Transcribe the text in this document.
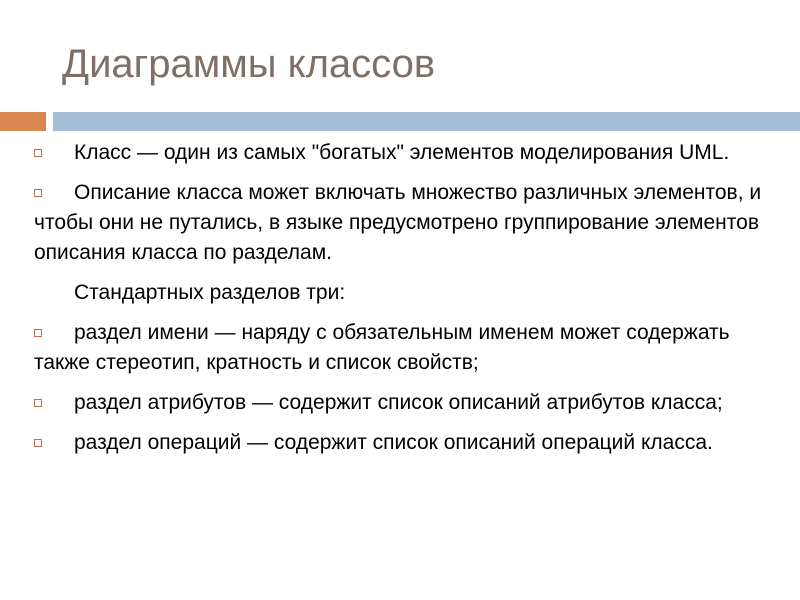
Диаграммы классов

Класс — один из самых "богатых" элементов моделирования UML.

Описание класса может включать множество различных элементов, и чтобы они не путались, в языке предусмотрено группирование элементов описания класса по разделам.

Стандартных разделов три:

раздел имени — наряду с обязательным именем может содержать также стереотип, кратность и список свойств;

раздел атрибутов — содержит список описаний атрибутов класса;

раздел операций — содержит список описаний операций класса.
